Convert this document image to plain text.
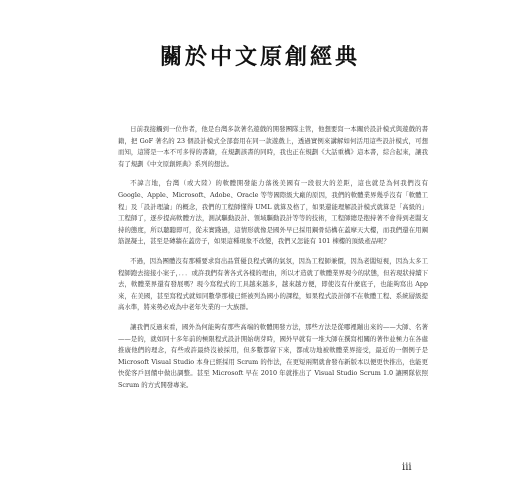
關於中文原創經典

日前我接觸到一位作者，他是台灣多款著名遊戲的開發團隊主管，他想要寫一本關於設計模式與遊戲的書籍，把 GoF 著名的 23 個設計模式全部套用在同一款遊戲上，透過實例來講解如何活用這些設計模式，可想而知，這將是一本不可多得的書籍，在規劃該書的同時，我也正在規劃《大話重構》這本書，綜合起來，讓我有了規劃《中文原創經典》系列的想法。

不諱言地，台灣（或大陸）的軟體開發能力落後美國有一段很大的差距，這也就是為何我們沒有 Google、Apple、Microsoft、Adobe、Oracle 等等國際級大廠的原因，我們的軟體業界幾乎沒有「軟體工程」及「設計理論」的概念，我們的工程師懂得 UML 就算及格了，如果還能理解設計模式就算是「高級的」工程師了，逐步提高軟體方法，測試驅動設計、領域驅動設計等等的技術，工程師總是抱持著不會得到老闆支持的態度，所以聽聽即可，從未實踐過，這情形就像是國外早已採用鋼骨結構在蓋摩天大樓，而我們還在用鋼筋混凝土，甚至是磚牆在蓋房子，如果這種現象不改變，我們又怎能有 101 棟樓的頂級產品呢？

不過，因為團體沒有那種要求寫出品質優良程式碼的氣氛，因為工程師兼價，因為老闆短視，因為太多工程師跑去接接小案子，．．．或許我們有著各式各樣的理由，所以才造就了軟體業界現今的狀態，但若現狀持續下去，軟體業界還有發展嗎？現今寫程式的工具越來越多，越來越方便，即使沒有什麼底子，也能夠寫出 App 來，在美國，甚至寫程式就如同數學那樣已經被列為國小的課程，如果程式設計師不在軟體工程、系統層級提高水準，將來勢必成為中老年失業的一大族群。

讓我們反過來看，國外為何能夠有那些高端的軟體開發方法，那些方法是從哪裡蹦出來的——大師、名著——是的，就如同十多年前的極限程式設計開始萌芽時，國外早就有一堆大師在撰寫相關的著作並極力在各處推廣他們的理念，有些或許最終沒被採用，但多數都留下來，都成功地被軟體業界接受，最近的一個例子是 Microsoft Visual Studio 本身已經採用 Scrum 的作法，在更短兩期就會發布新版本以便更快推出，也能更快從客戶回饋中做出調整。甚至 Microsoft 早在 2010 年就推出了 Visual Studio Scrum 1.0 讓團隊依照 Scrum 的方式開發專案。

iii
